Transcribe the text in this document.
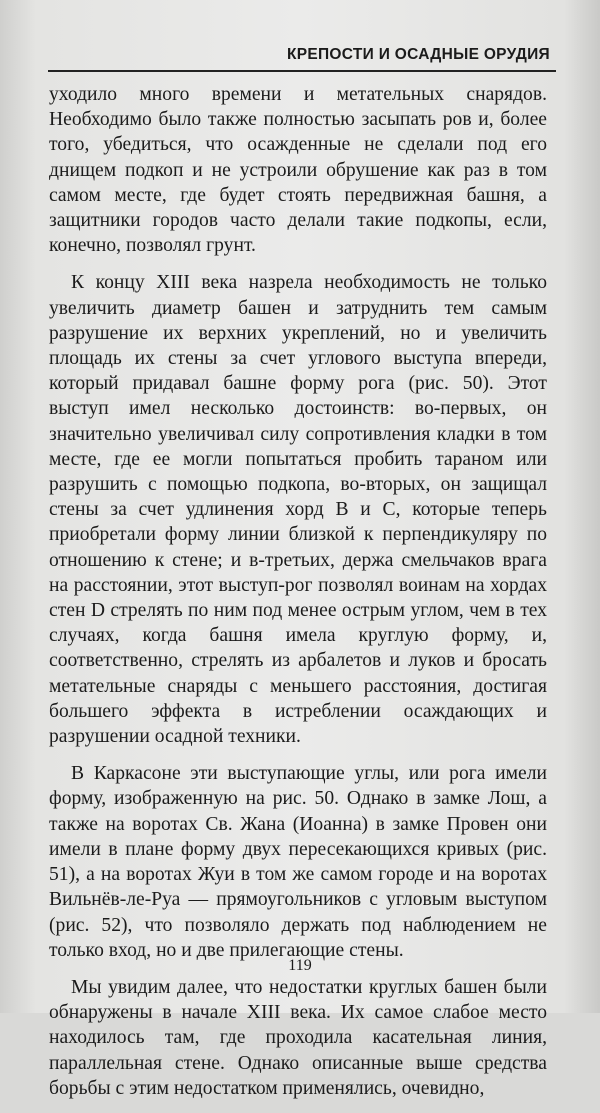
КРЕПОСТИ И ОСАДНЫЕ ОРУДИЯ

уходило много времени и метательных снарядов. Необходимо было также полностью засыпать ров и, более того, убедиться, что осажденные не сделали под его днищем подкоп и не устроили обрушение как раз в том самом месте, где будет стоять передвижная башня, а защитники городов часто делали такие подкопы, если, конечно, позволял грунт.

К концу XIII века назрела необходимость не только увеличить диаметр башен и затруднить тем самым разрушение их верхних укреплений, но и увеличить площадь их стены за счет углового выступа впереди, который придавал башне форму рога (рис. 50). Этот выступ имел несколько достоинств: во-первых, он значительно увеличивал силу сопротивления кладки в том месте, где ее могли попытаться пробить тараном или разрушить с помощью подкопа, во-вторых, он защищал стены за счет удлинения хорд B и C, которые теперь приобретали форму линии близкой к перпендикуляру по отношению к стене; и в-третьих, держа смельчаков врага на расстоянии, этот выступ-рог позволял воинам на хордах стен D стрелять по ним под менее острым углом, чем в тех случаях, когда башня имела круглую форму, и, соответственно, стрелять из арбалетов и луков и бросать метательные снаряды с меньшего расстояния, достигая большего эффекта в истреблении осаждающих и разрушении осадной техники.

В Каркасоне эти выступающие углы, или рога имели форму, изображенную на рис. 50. Однако в замке Лош, а также на воротах Св. Жана (Иоанна) в замке Провен они имели в плане форму двух пересекающихся кривых (рис. 51), а на воротах Жуи в том же самом городе и на воротах Вильнёв-ле-Руа — прямоугольников с угловым выступом (рис. 52), что позволяло держать под наблюдением не только вход, но и две прилегающие стены.

Мы увидим далее, что недостатки круглых башен были обнаружены в начале XIII века. Их самое слабое место находилось там, где проходила касательная линия, параллельная стене. Однако описанные выше средства борьбы с этим недостатком применялись, очевидно,

119
